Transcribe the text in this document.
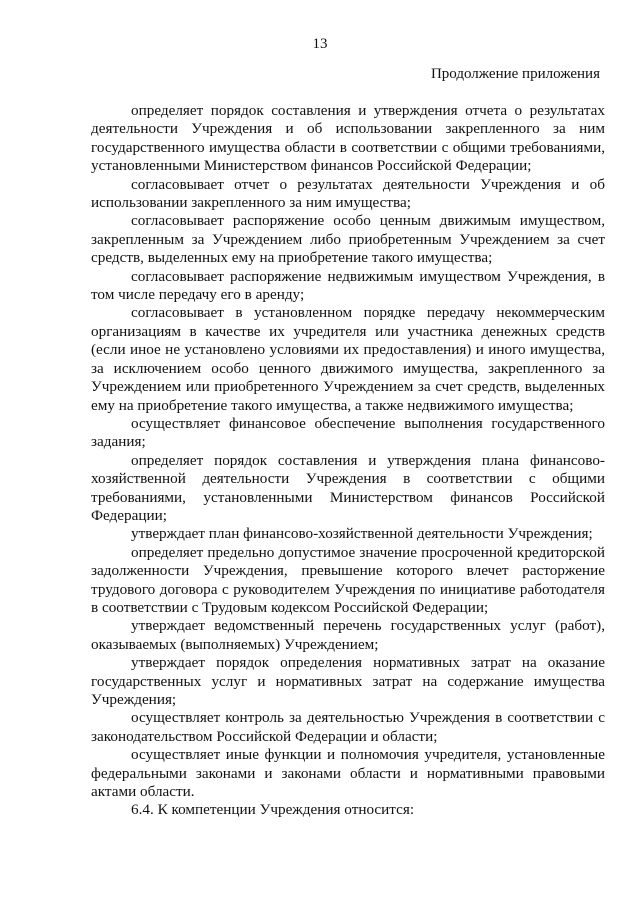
13
Продолжение приложения

определяет порядок составления и утверждения отчета о результатах деятельности Учреждения и об использовании закрепленного за ним государственного имущества области в соответствии с общими требованиями, установленными Министерством финансов Российской Федерации;

согласовывает отчет о результатах деятельности Учреждения и об использовании закрепленного за ним имущества;

согласовывает распоряжение особо ценным движимым имуществом, закрепленным за Учреждением либо приобретенным Учреждением за счет средств, выделенных ему на приобретение такого имущества;

согласовывает распоряжение недвижимым имуществом Учреждения, в том числе передачу его в аренду;

согласовывает в установленном порядке передачу некоммерческим организациям в качестве их учредителя или участника денежных средств (если иное не установлено условиями их предоставления) и иного имущества, за исключением особо ценного движимого имущества, закрепленного за Учреждением или приобретенного Учреждением за счет средств, выделенных ему на приобретение такого имущества, а также недвижимого имущества;

осуществляет финансовое обеспечение выполнения государственного задания;

определяет порядок составления и утверждения плана финансово-хозяйственной деятельности Учреждения в соответствии с общими требованиями, установленными Министерством финансов Российской Федерации;

утверждает план финансово-хозяйственной деятельности Учреждения;

определяет предельно допустимое значение просроченной кредиторской задолженности Учреждения, превышение которого влечет расторжение трудового договора с руководителем Учреждения по инициативе работодателя в соответствии с Трудовым кодексом Российской Федерации;

утверждает ведомственный перечень государственных услуг (работ), оказываемых (выполняемых) Учреждением;

утверждает порядок определения нормативных затрат на оказание государственных услуг и нормативных затрат на содержание имущества Учреждения;

осуществляет контроль за деятельностью Учреждения в соответствии с законодательством Российской Федерации и области;

осуществляет иные функции и полномочия учредителя, установленные федеральными законами и законами области и нормативными правовыми актами области.

6.4. К компетенции Учреждения относится:
